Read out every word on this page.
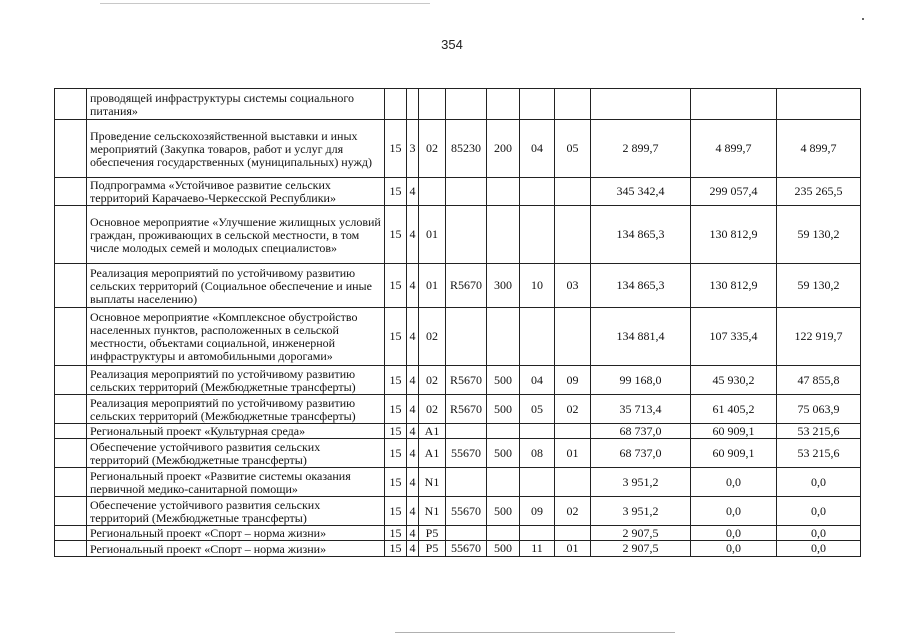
354
	проводящей инфраструктуры системы социального питания»										
	Проведение сельскохозяйственной выставки и иных мероприятий (Закупка товаров, работ и услуг для обеспечения государственных (муниципальных) нужд)	15	3	02	85230	200	04	05	2 899,7	4 899,7	4 899,7
	Подпрограмма «Устойчивое развитие сельских территорий Карачаево-Черкесской Республики»	15	4						345 342,4	299 057,4	235 265,5
	Основное мероприятие «Улучшение жилищных условий граждан, проживающих в сельской местности, в том числе молодых семей и молодых специалистов»	15	4	01					134 865,3	130 812,9	59 130,2
	Реализация мероприятий по устойчивому развитию сельских территорий (Социальное обеспечение и иные выплаты населению)	15	4	01	R5670	300	10	03	134 865,3	130 812,9	59 130,2
	Основное мероприятие «Комплексное обустройство населенных пунктов, расположенных в сельской местности, объектами социальной, инженерной инфраструктуры и автомобильными дорогами»	15	4	02					134 881,4	107 335,4	122 919,7
	Реализация мероприятий по устойчивому развитию сельских территорий (Межбюджетные трансферты)	15	4	02	R5670	500	04	09	99 168,0	45 930,2	47 855,8
	Реализация мероприятий по устойчивому развитию сельских территорий (Межбюджетные трансферты)	15	4	02	R5670	500	05	02	35 713,4	61 405,2	75 063,9
	Региональный проект «Культурная среда»	15	4	A1					68 737,0	60 909,1	53 215,6
	Обеспечение устойчивого развития сельских территорий (Межбюджетные трансферты)	15	4	A1	55670	500	08	01	68 737,0	60 909,1	53 215,6
	Региональный проект «Развитие системы оказания первичной медико-санитарной помощи»	15	4	N1					3 951,2	0,0	0,0
	Обеспечение устойчивого развития сельских территорий (Межбюджетные трансферты)	15	4	N1	55670	500	09	02	3 951,2	0,0	0,0
	Региональный проект «Спорт – норма жизни»	15	4	P5					2 907,5	0,0	0,0
	Региональный проект «Спорт – норма жизни»	15	4	P5	55670	500	11	01	2 907,5	0,0	0,0
